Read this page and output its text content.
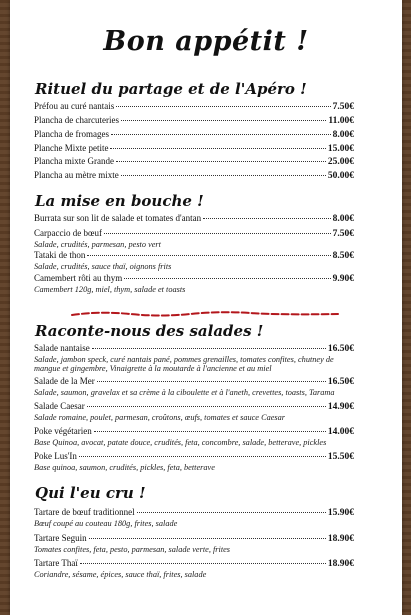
Bon appétit !
Rituel du partage et de l'Apéro !
Préfou au curé nantais	7.50€
Plancha de charcuteries	11.00€
Plancha de fromages	8.00€
Planche Mixte petite	15.00€
Plancha mixte Grande	25.00€
Plancha au mètre mixte	50.00€
La mise en bouche !
Burrata sur son lit de salade et tomates d'antan	8.00€
Carpaccio de bœuf	7.50€
Salade, crudités, parmesan, pesto vert
Tataki de thon	8.50€
Salade, crudités, sauce thaï, oignons frits
Camembert rôti au thym	9.90€
Camembert 120g, miel, thym, salade et toasts
Raconte-nous des salades !
Salade nantaise	16.50€
Salade, jambon speck, curé nantais pané, pommes grenailles, tomates confites, chutney de mangue et gingembre, Vinaigrette à la moutarde à l'ancienne et au miel
Salade de la Mer	16.50€
Salade, saumon, gravelax et sa crème à la ciboulette et à l'aneth, crevettes, toasts, Tarama
Salade Caesar	14.90€
Salade romaine, poulet, parmesan, croûtons, œufs, tomates et sauce Caesar
Poke végétarien	14.00€
Base Quinoa, avocat, patate douce, crudités, feta, concombre, salade, betterave, pickles
Poke Lus'In	15.50€
Base quinoa, saumon, crudités, pickles, feta, betterave
Qui l'eu cru !
Tartare de bœuf traditionnel	15.90€
Bœuf coupé au couteau 180g, frites, salade
Tartare Seguin	18.90€
Tomates confites, feta, pesto, parmesan, salade verte, frites
Tartare Thaï	18.90€
Coriandre, sésame, épices, sauce thaï, frites, salade
